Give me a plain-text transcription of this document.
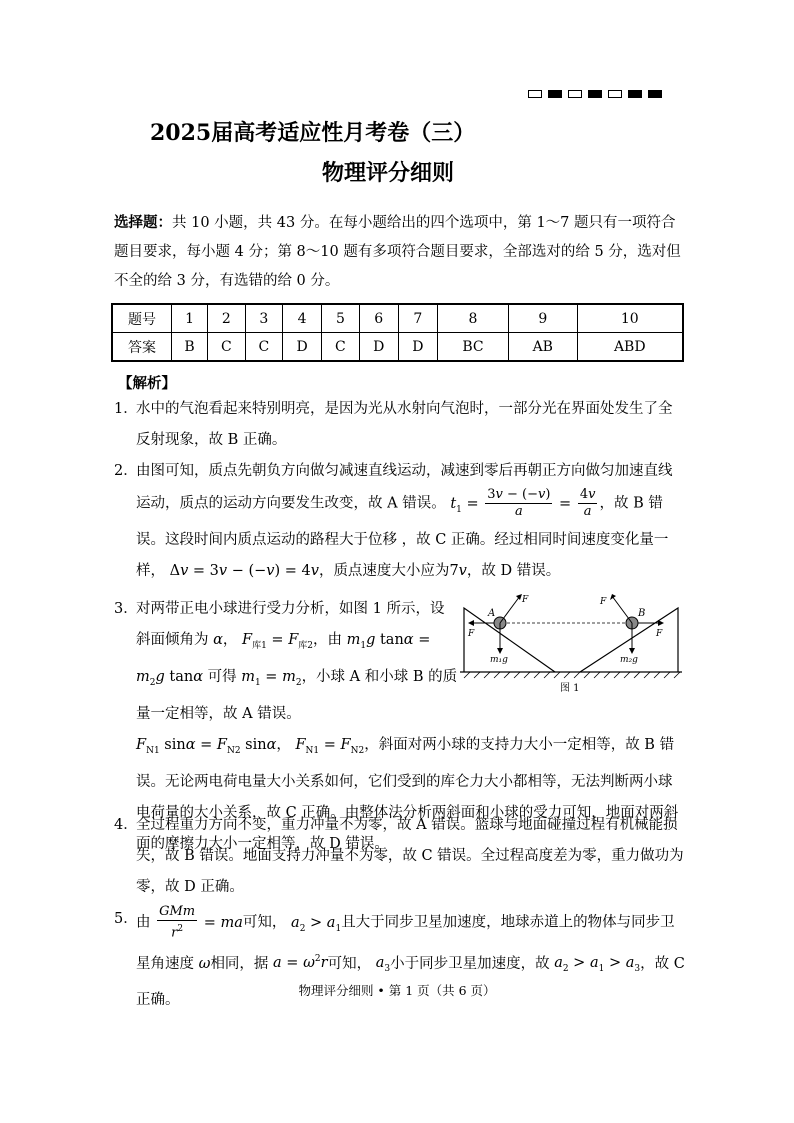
2025届高考适应性月考卷（三）
物理评分细则
选择题：共 10 小题，共 43 分。在每小题给出的四个选项中，第 1～7 题只有一项符合题目要求，每小题 4 分；第 8～10 题有多项符合题目要求，全部选对的给 5 分，选对但不全的给 3 分，有选错的给 0 分。
题号	1	2	3	4	5	6	7	8	9	10
答案	B	C	C	D	C	D	D	BC	AB	ABD
【解析】
1．
水中的气泡看起来特别明亮，是因为光从水射向气泡时，一部分光在界面处发生了全反射现象，故 B 正确。
2．
由图可知，质点先朝负方向做匀减速直线运动，减速到零后再朝正方向做匀加速直线运动，质点的运动方向要发生改变，故 A 错误。 $t_1 = \frac{3v - (-v)}{a} = \frac{4v}{a}$ ，故 B 错误。这段时间内质点运动的路程大于位移 ，故 C 正确。经过相同时间速度变化量一样， Δv = 3v − (−v) = 4v，质点速度大小应为7v，故 D 错误。
3．
对两带正电小球进行受力分析，如图 1 所示，设斜面倾角为 α， $F_{库1} = F_{库2}$，由 $m_1g$ $\tan\alpha = m_2g$ tanα 可得 $m_1 = m_2$，小球 A 和小球 B 的质量一定相等，故 A 错误。
$F_{N1}$ $\sin\alpha = F_{N2}$ sinα， $F_{N1} = F_{N2}$，斜面对两小球的支持力大小一定相等，故 B 错误。无论两电荷电量大小关系如何，它们受到的库仑力大小都相等，无法判断两小球电荷量的大小关系，故 C 正确。由整体法分析两斜面和小球的受力可知，地面对两斜面的摩擦力大小一定相等，故 D 错误。
A	B
F	F
F	F
m₁g	m₂g
图 1
4．
全过程重力方向不变，重力冲量不为零，故 A 错误。篮球与地面碰撞过程有机械能损失，故 B 错误。地面支持力冲量不为零，故 C 错误。全过程高度差为零，重力做功为零，故 D 正确。
5．
由 $\frac{\text{GMm}}{r^2}$ = ma可知， $a_2 > a_1$且大于同步卫星加速度，地球赤道上的物体与同步卫星角速度 ω相同，据 $a = \omega^2r$可知， $a_3$小于同步卫星加速度，故 $a_2 > a_1 > a_3$，故 C 正确。
物理评分细则 • 第 1 页（共 6 页）
